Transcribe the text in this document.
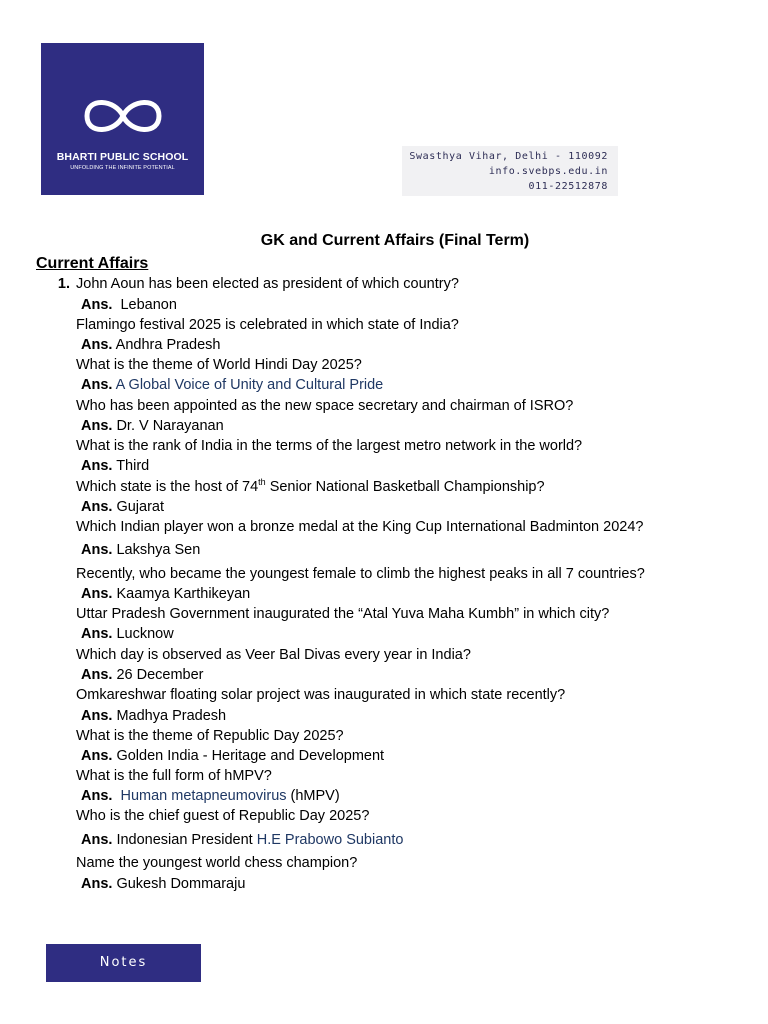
BHARTI PUBLIC SCHOOL
UNFOLDING THE INFINITE POTENTIAL
Swasthya Vihar, Delhi - 110092
info.svebps.edu.in
011-22512878
GK and Current Affairs (Final Term)
Current Affairs
1. John Aoun has been elected as president of which country?
Ans. Lebanon
Flamingo festival 2025 is celebrated in which state of India?
Ans. Andhra Pradesh
What is the theme of World Hindi Day 2025?
Ans. A Global Voice of Unity and Cultural Pride
Who has been appointed as the new space secretary and chairman of ISRO?
Ans. Dr. V Narayanan
What is the rank of India in the terms of the largest metro network in the world?
Ans. Third
Which state is the host of 74th Senior National Basketball Championship?
Ans. Gujarat
Which Indian player won a bronze medal at the King Cup International Badminton 2024?
Ans. Lakshya Sen
Recently, who became the youngest female to climb the highest peaks in all 7 countries?
Ans. Kaamya Karthikeyan
Uttar Pradesh Government inaugurated the “Atal Yuva Maha Kumbh” in which city?
Ans. Lucknow
Which day is observed as Veer Bal Divas every year in India?
Ans. 26 December
Omkareshwar floating solar project was inaugurated in which state recently?
Ans. Madhya Pradesh
What is the theme of Republic Day 2025?
Ans. Golden India - Heritage and Development
What is the full form of hMPV?
Ans. Human metapneumovirus (hMPV)
Who is the chief guest of Republic Day 2025?
Ans. Indonesian President H.E Prabowo Subianto
Name the youngest world chess champion?
Ans. Gukesh Dommaraju
Notes
